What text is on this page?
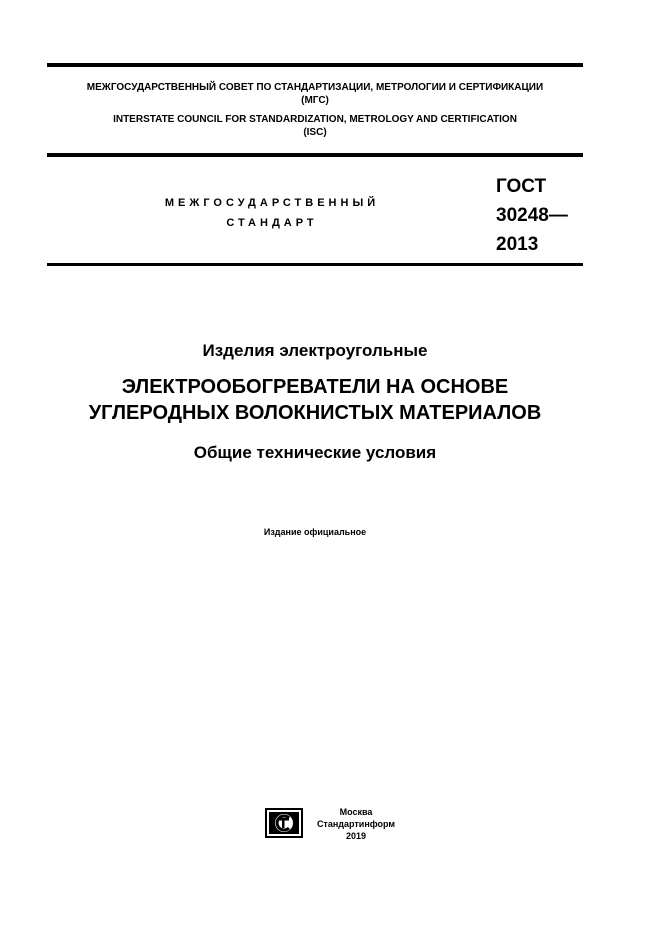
МЕЖГОСУДАРСТВЕННЫЙ СОВЕТ ПО СТАНДАРТИЗАЦИИ, МЕТРОЛОГИИ И СЕРТИФИКАЦИИ
(МГС)
INTERSTATE COUNCIL FOR STANDARDIZATION, METROLOGY AND CERTIFICATION
(ISC)
МЕЖГОСУДАРСТВЕННЫЙ
СТАНДАРТ
ГОСТ
30248—
2013
Изделия электроугольные
ЭЛЕКТРООБОГРЕВАТЕЛИ НА ОСНОВЕ
УГЛЕРОДНЫХ ВОЛОКНИСТЫХ МАТЕРИАЛОВ
Общие технические условия
Издание официальное
Москва
Стандартинформ
2019
